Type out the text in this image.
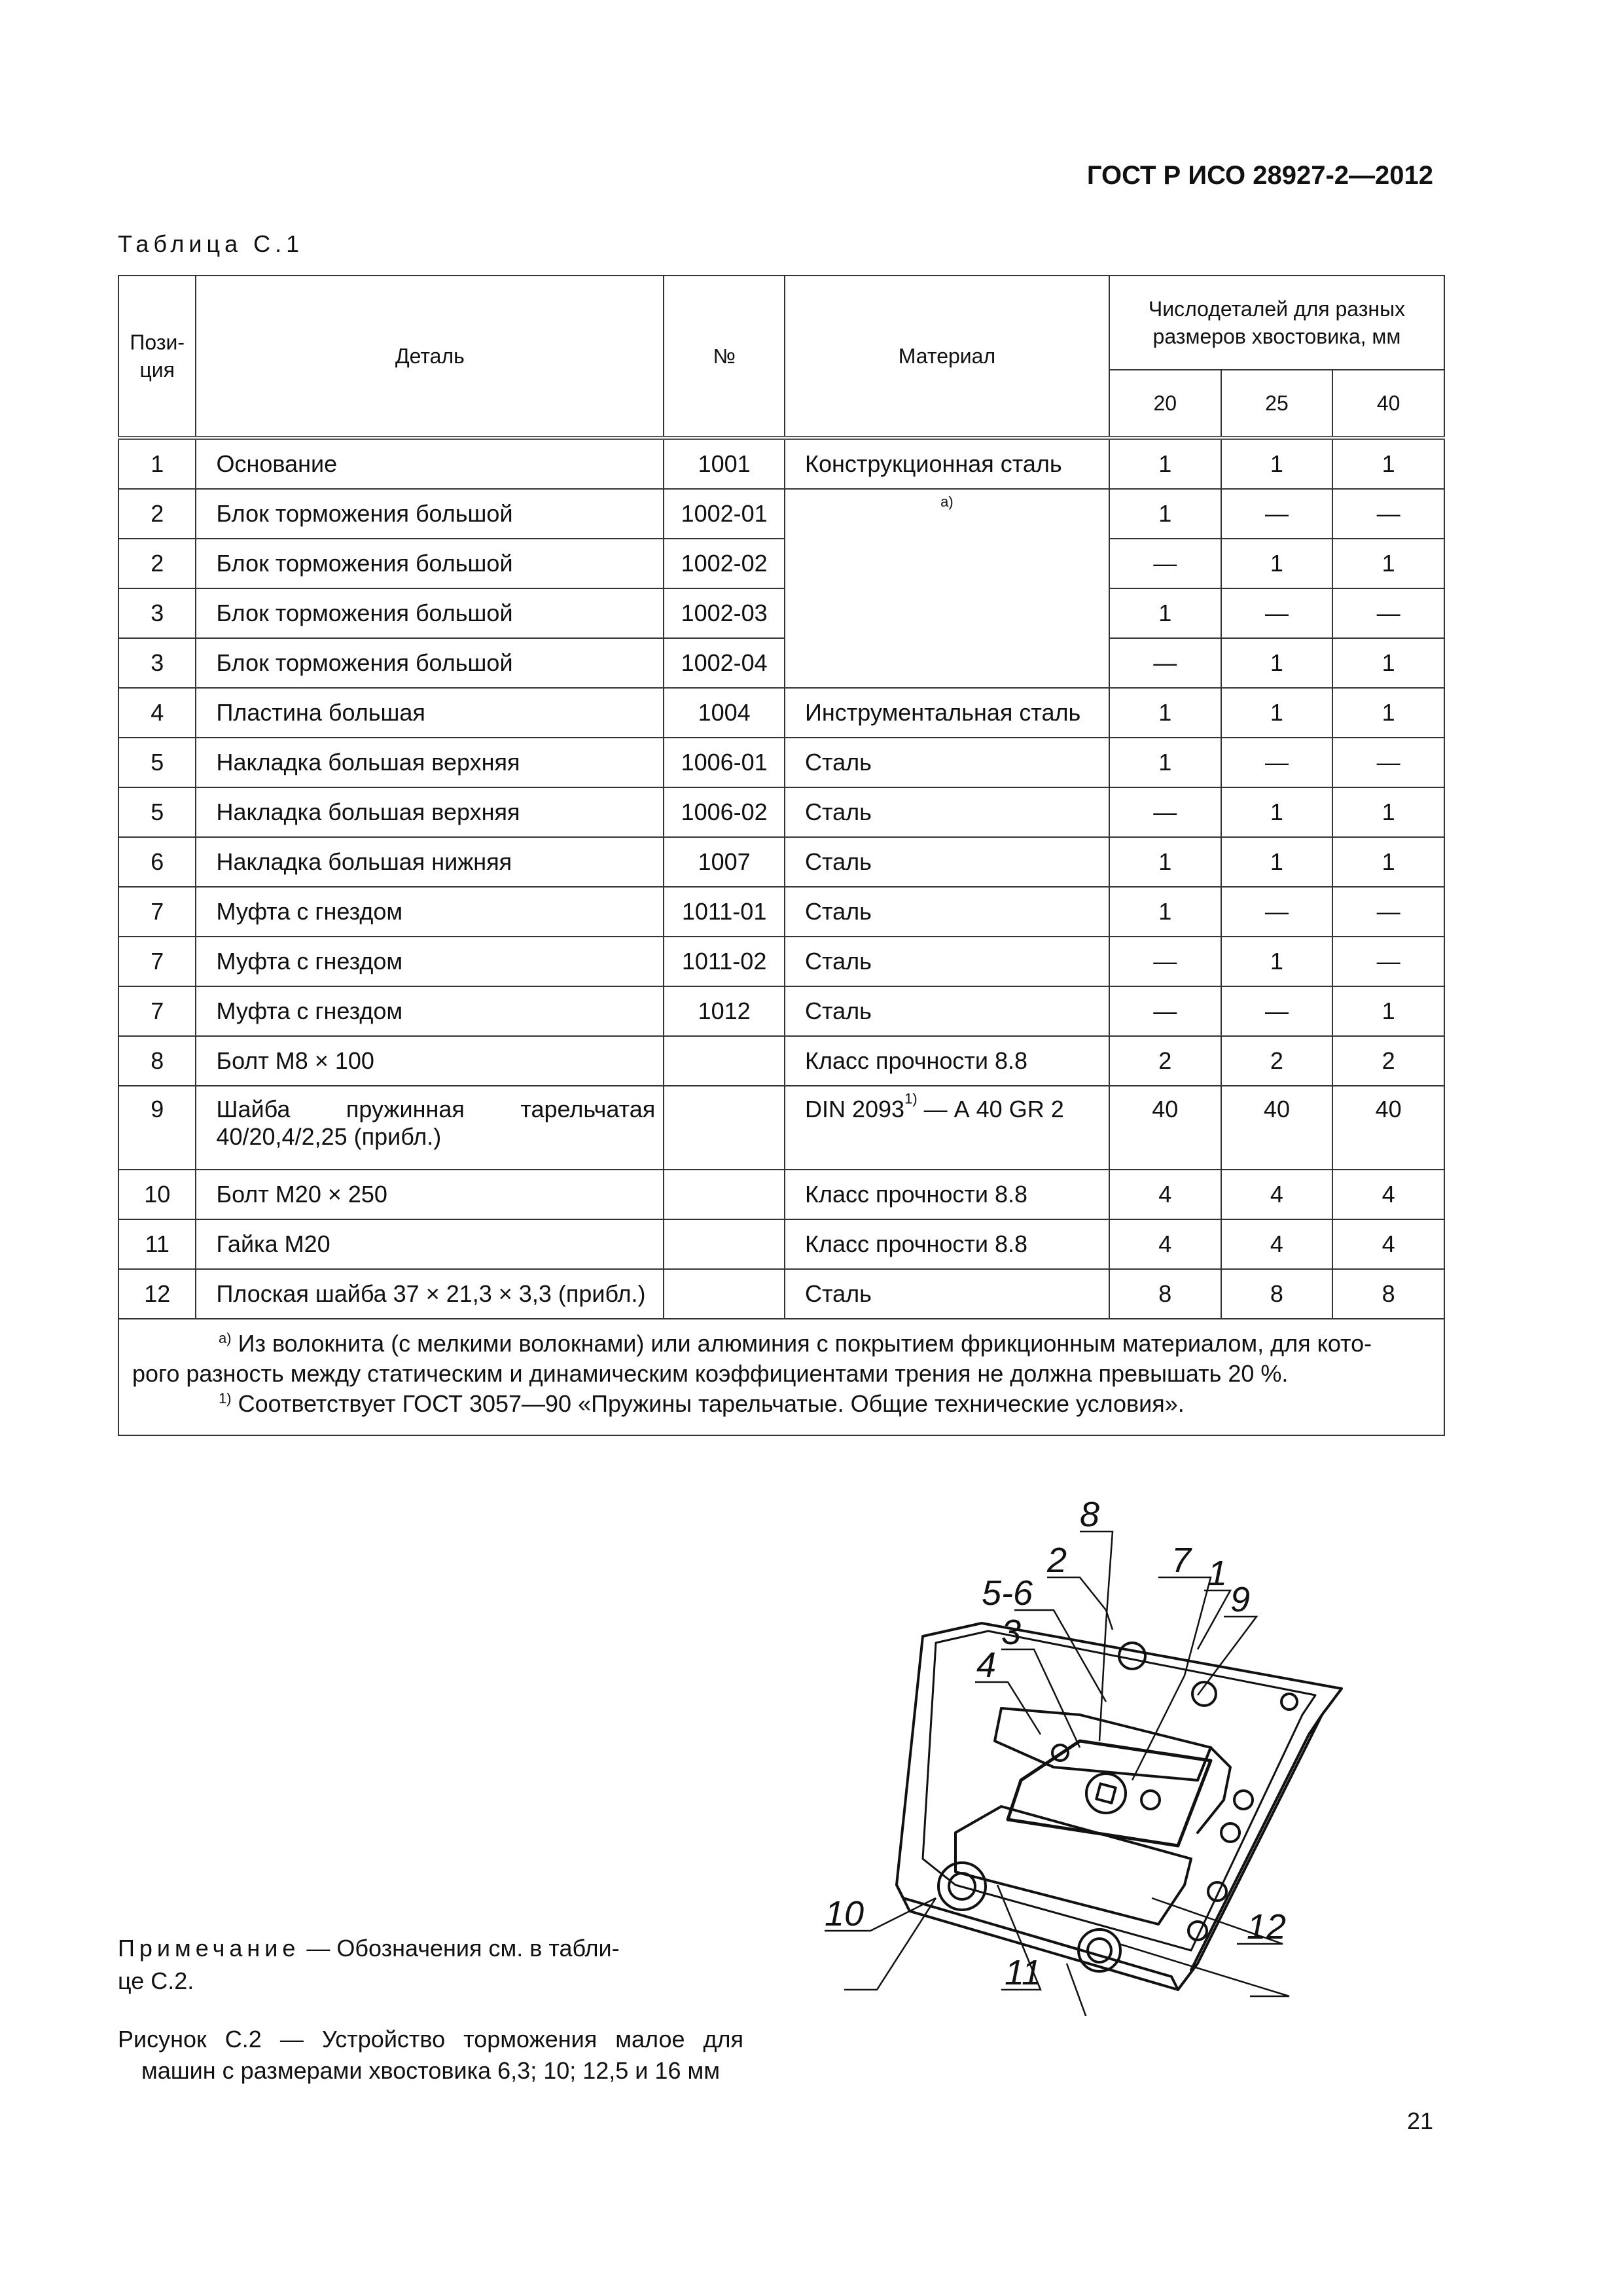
ГОСТ Р ИСО 28927-2—2012
Таблица С.1
Пози-ция	Деталь	№	Материал	Числодеталей для разных размеров хвостовика, мм		
				20	25	40
1	Основание	1001	Конструкционная сталь	1	1	1
2	Блок торможения большой	1002-01	$^{а)}$	1	—	—
2	Блок торможения большой	1002-02		—	1	1
3	Блок торможения большой	1002-03		1	—	—
3	Блок торможения большой	1002-04		—	1	1
4	Пластина большая	1004	Инструментальная сталь	1	1	1
5	Накладка большая верхняя	1006-01	Сталь	1	—	—
5	Накладка большая верхняя	1006-02	Сталь	—	1	1
6	Накладка большая нижняя	1007	Сталь	1	1	1
7	Муфта с гнездом	1011-01	Сталь	1	—	—
7	Муфта с гнездом	1011-02	Сталь	—	1	—
7	Муфта с гнездом	1012	Сталь	—	—	1
8	Болт М8 × 100		Класс прочности 8.8	2	2	2
9	Шайба пружинная тарельчатая
40/20,4/2,25 (прибл.)		DIN 2093$^{1)}$ — А 40 GR 2	40	40	40
10	Болт М20 × 250		Класс прочности 8.8	4	4	4
11	Гайка М20		Класс прочности 8.8	4	4	4
12	Плоская шайба 37 × 21,3 × 3,3 (прибл.)		Сталь	8	8	8

$^{а)}$ Из волокнита (с мелкими волокнами) или алюминия с покрытием фрикционным материалом, для кото-
рого разность между статическим и динамическим коэффициентами трения не должна превышать 20 %.
$^{1)}$ Соответствует ГОСТ 3057—90 «Пружины тарельчатые. Общие технические условия».						
8
2	7 1
9
5-6
3
4
10
11
12
Примечание — Обозначения см. в табли-
це С.2.
Рисунок С.2 — Устройство торможения малое для
машин с размерами хвостовика 6,3; 10; 12,5 и 16 мм
21
